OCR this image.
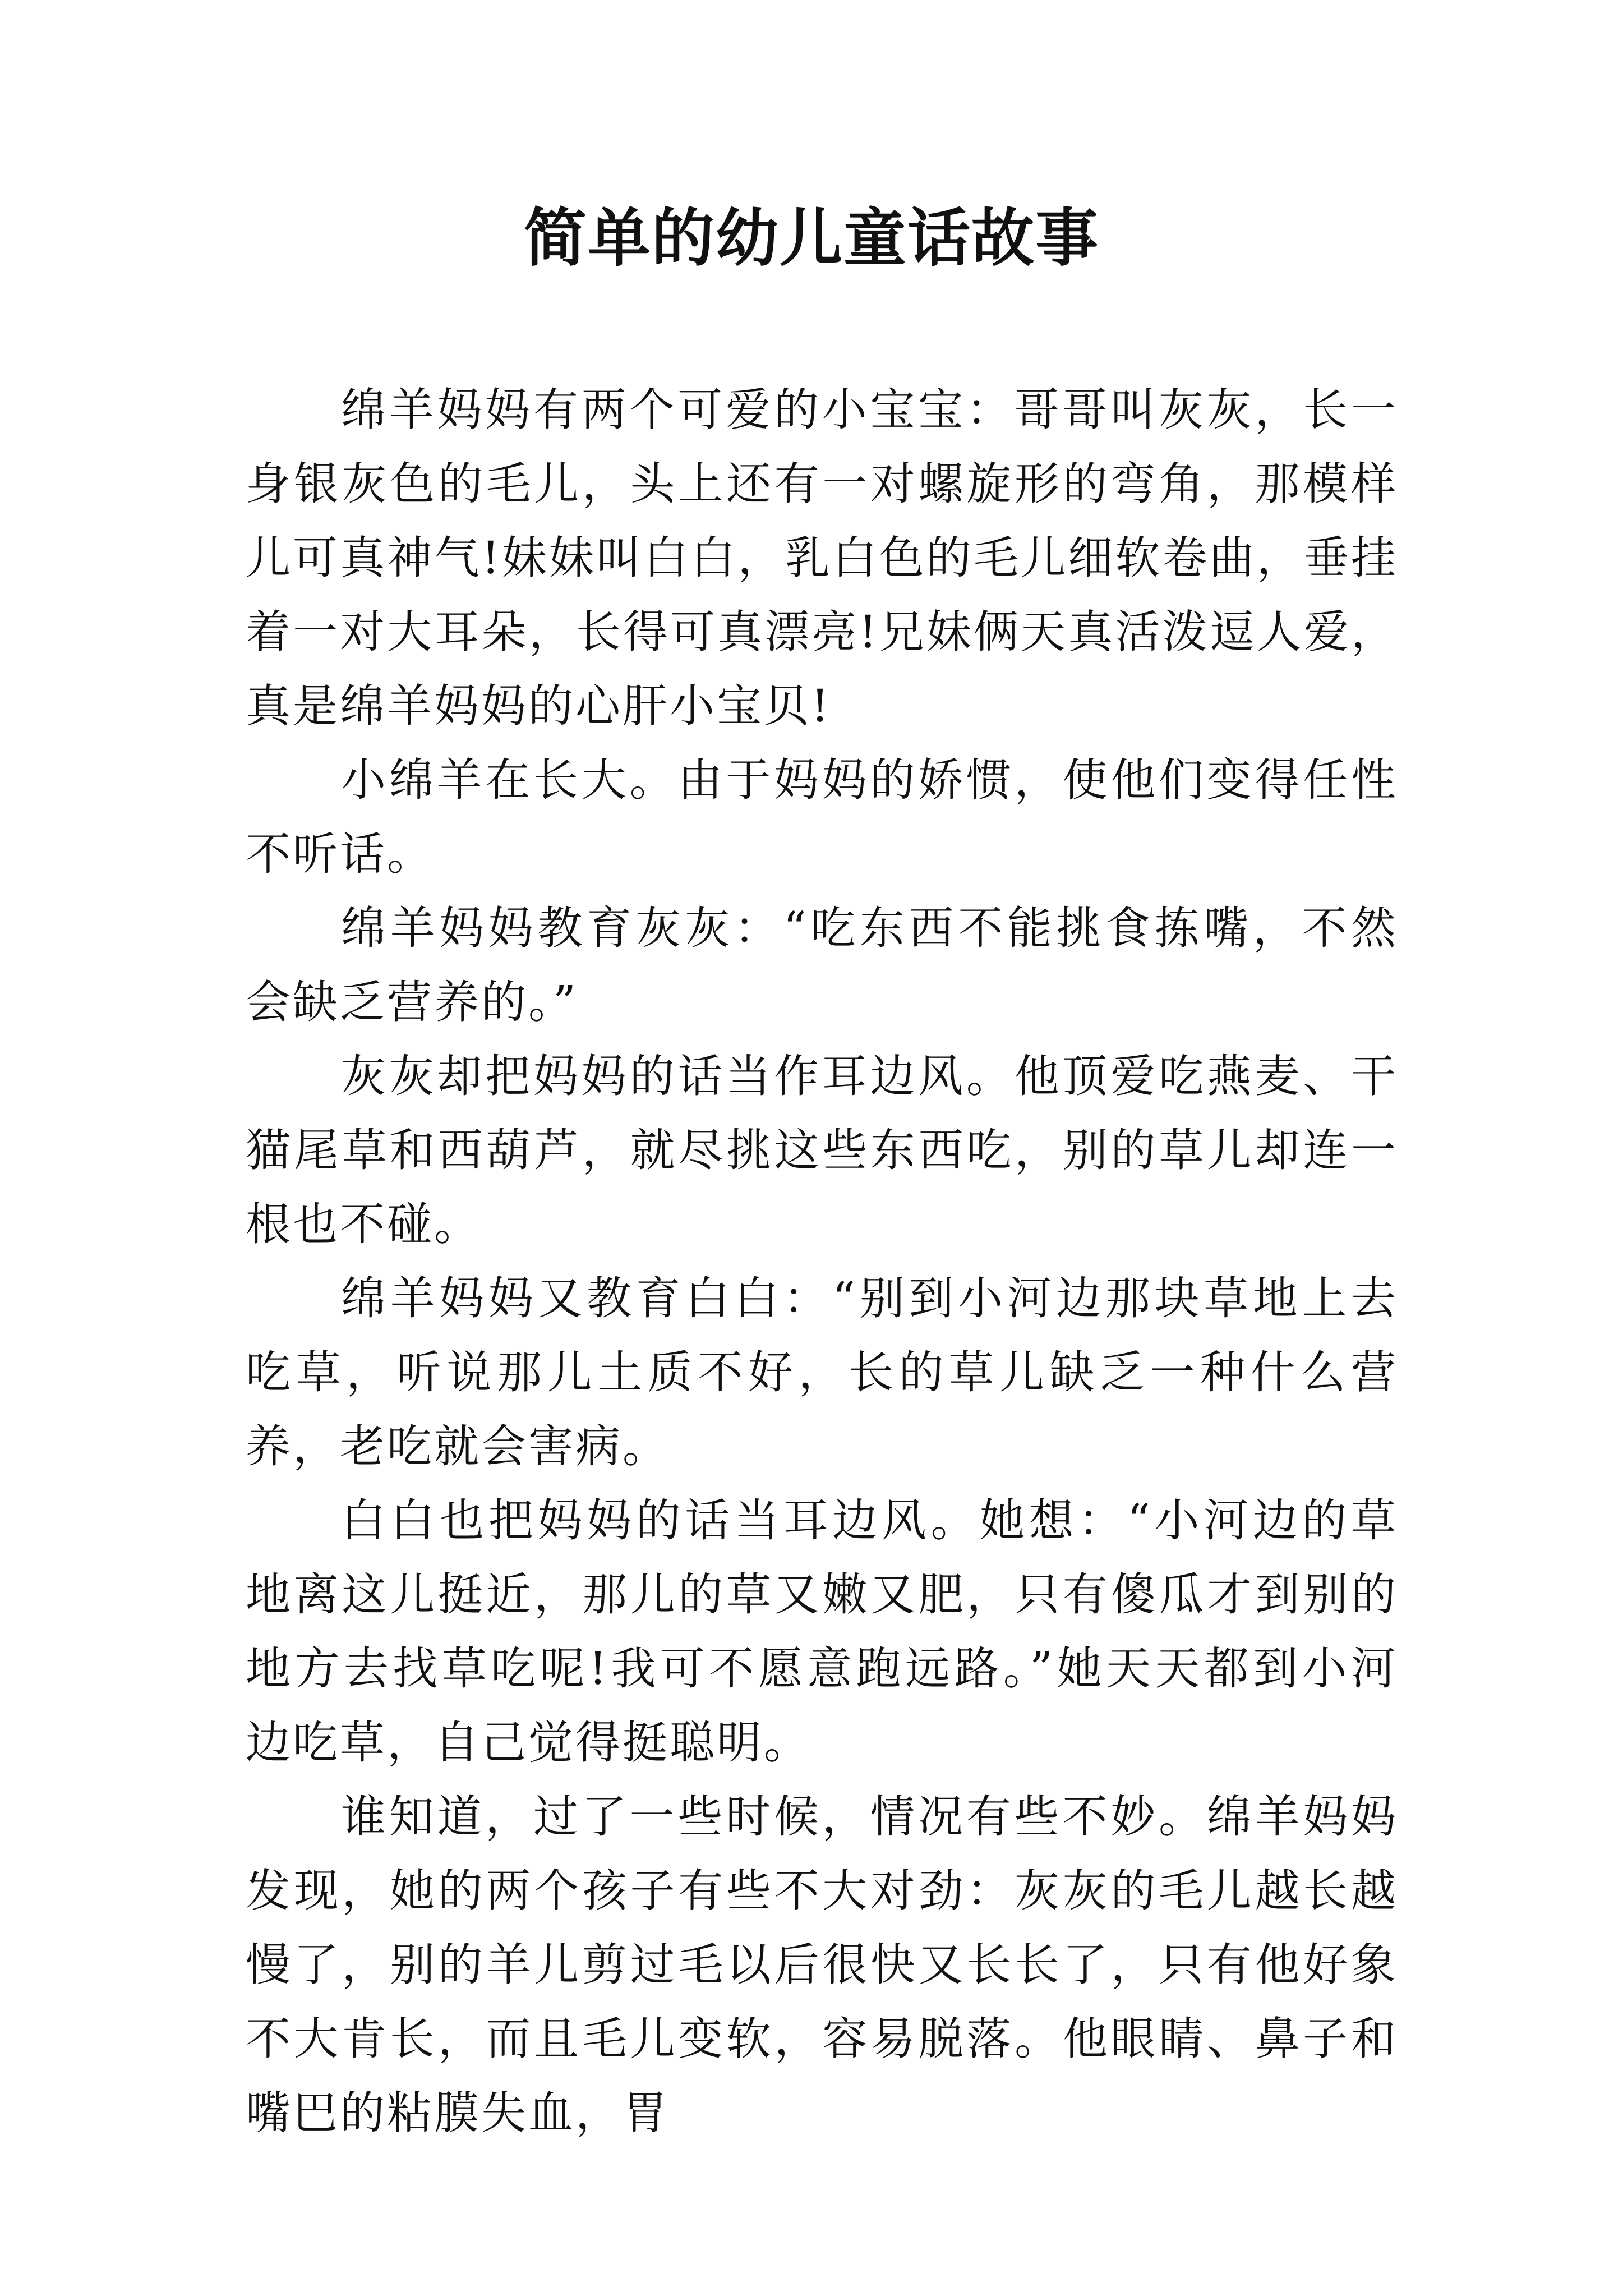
简单的幼儿童话故事

绵羊妈妈有两个可爱的小宝宝：哥哥叫灰灰，长一身银灰色的毛儿，头上还有一对螺旋形的弯角，那模样儿可真神气!妹妹叫白白，乳白色的毛儿细软卷曲，垂挂着一对大耳朵，长得可真漂亮!兄妹俩天真活泼逗人爱，真是绵羊妈妈的心肝小宝贝!

小绵羊在长大。由于妈妈的娇惯，使他们变得任性不听话。

绵羊妈妈教育灰灰：“吃东西不能挑食拣嘴，不然会缺乏营养的。”

灰灰却把妈妈的话当作耳边风。他顶爱吃燕麦、干猫尾草和西葫芦，就尽挑这些东西吃，别的草儿却连一根也不碰。

绵羊妈妈又教育白白：“别到小河边那块草地上去吃草，听说那儿土质不好，长的草儿缺乏一种什么营养，老吃就会害病。

白白也把妈妈的话当耳边风。她想：“小河边的草地离这儿挺近，那儿的草又嫩又肥，只有傻瓜才到别的地方去找草吃呢!我可不愿意跑远路。”她天天都到小河边吃草，自己觉得挺聪明。

谁知道，过了一些时候，情况有些不妙。绵羊妈妈发现，她的两个孩子有些不大对劲：灰灰的毛儿越长越慢了，别的羊儿剪过毛以后很快又长长了，只有他好象不大肯长，而且毛儿变软，容易脱落。他眼睛、鼻子和嘴巴的粘膜失血，胃
